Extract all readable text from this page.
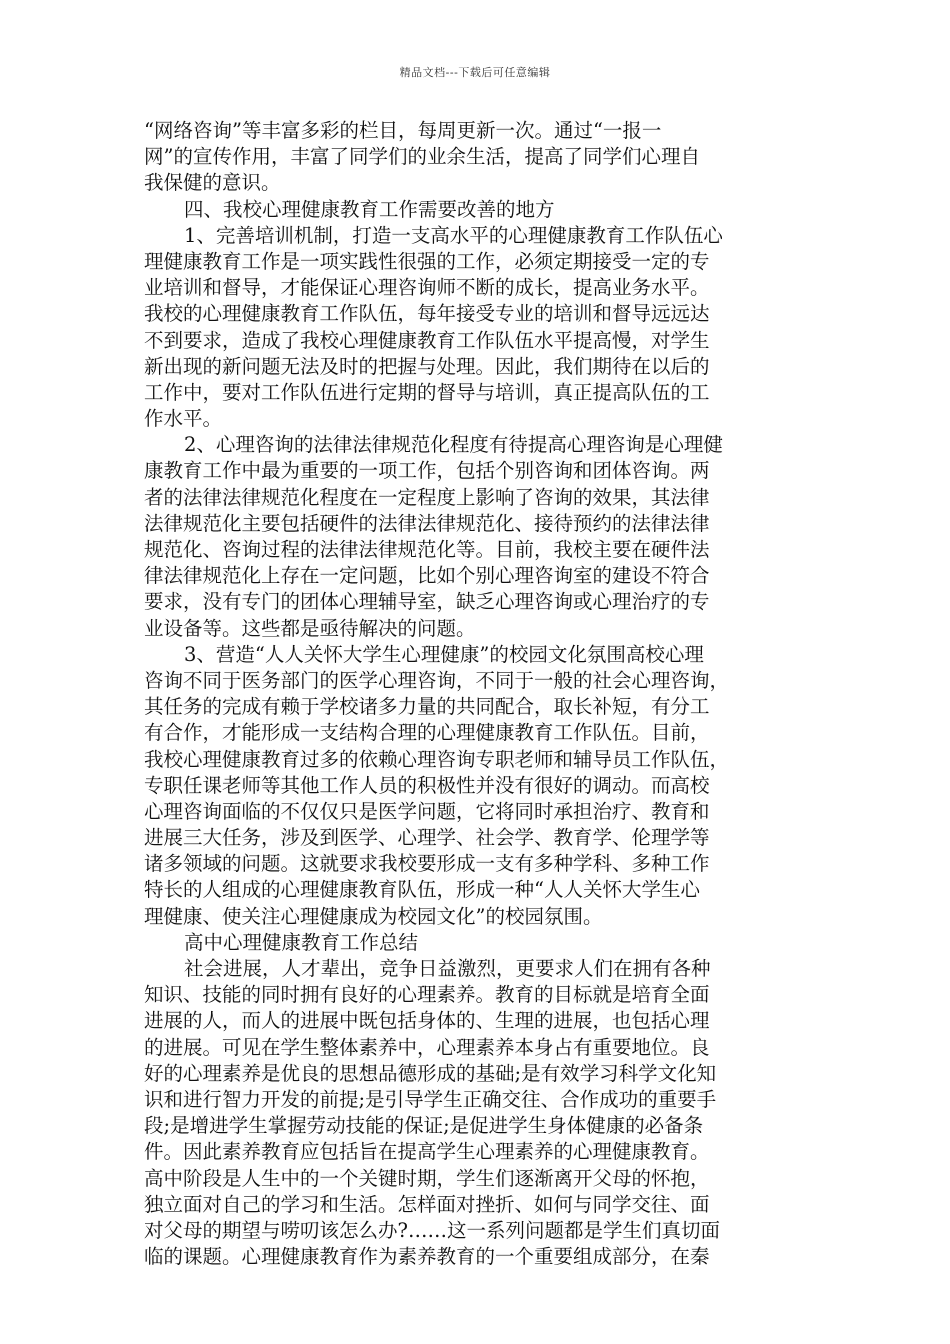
精品文档---下载后可任意编辑
“网络咨询”等丰富多彩的栏目，每周更新一次。通过“一报一
网”的宣传作用，丰富了同学们的业余生活，提高了同学们心理自
我保健的意识。
四、我校心理健康教育工作需要改善的地方
1、完善培训机制，打造一支高水平的心理健康教育工作队伍心
理健康教育工作是一项实践性很强的工作，必须定期接受一定的专
业培训和督导，才能保证心理咨询师不断的成长，提高业务水平。
我校的心理健康教育工作队伍，每年接受专业的培训和督导远远达
不到要求，造成了我校心理健康教育工作队伍水平提高慢，对学生
新出现的新问题无法及时的把握与处理。因此，我们期待在以后的
工作中，要对工作队伍进行定期的督导与培训，真正提高队伍的工
作水平。
2、心理咨询的法律法律规范化程度有待提高心理咨询是心理健
康教育工作中最为重要的一项工作，包括个别咨询和团体咨询。两
者的法律法律规范化程度在一定程度上影响了咨询的效果，其法律
法律规范化主要包括硬件的法律法律规范化、接待预约的法律法律
规范化、咨询过程的法律法律规范化等。目前，我校主要在硬件法
律法律规范化上存在一定问题，比如个别心理咨询室的建设不符合
要求，没有专门的团体心理辅导室，缺乏心理咨询或心理治疗的专
业设备等。这些都是亟待解决的问题。
3、营造“人人关怀大学生心理健康”的校园文化氛围高校心理
咨询不同于医务部门的医学心理咨询，不同于一般的社会心理咨询，
其任务的完成有赖于学校诸多力量的共同配合，取长补短，有分工
有合作，才能形成一支结构合理的心理健康教育工作队伍。目前，
我校心理健康教育过多的依赖心理咨询专职老师和辅导员工作队伍，
专职任课老师等其他工作人员的积极性并没有很好的调动。而高校
心理咨询面临的不仅仅只是医学问题，它将同时承担治疗、教育和
进展三大任务，涉及到医学、心理学、社会学、教育学、伦理学等
诸多领域的问题。这就要求我校要形成一支有多种学科、多种工作
特长的人组成的心理健康教育队伍，形成一种“人人关怀大学生心
理健康、使关注心理健康成为校园文化”的校园氛围。
高中心理健康教育工作总结
社会进展，人才辈出，竞争日益激烈，更要求人们在拥有各种
知识、技能的同时拥有良好的心理素养。教育的目标就是培育全面
进展的人，而人的进展中既包括身体的、生理的进展，也包括心理
的进展。可见在学生整体素养中，心理素养本身占有重要地位。良
好的心理素养是优良的思想品德形成的基础;是有效学习科学文化知
识和进行智力开发的前提;是引导学生正确交往、合作成功的重要手
段;是增进学生掌握劳动技能的保证;是促进学生身体健康的必备条
件。因此素养教育应包括旨在提高学生心理素养的心理健康教育。
高中阶段是人生中的一个关键时期，学生们逐渐离开父母的怀抱，
独立面对自己的学习和生活。怎样面对挫折、如何与同学交往、面
对父母的期望与唠叨该怎么办?……这一系列问题都是学生们真切面
临的课题。心理健康教育作为素养教育的一个重要组成部分，在秦
